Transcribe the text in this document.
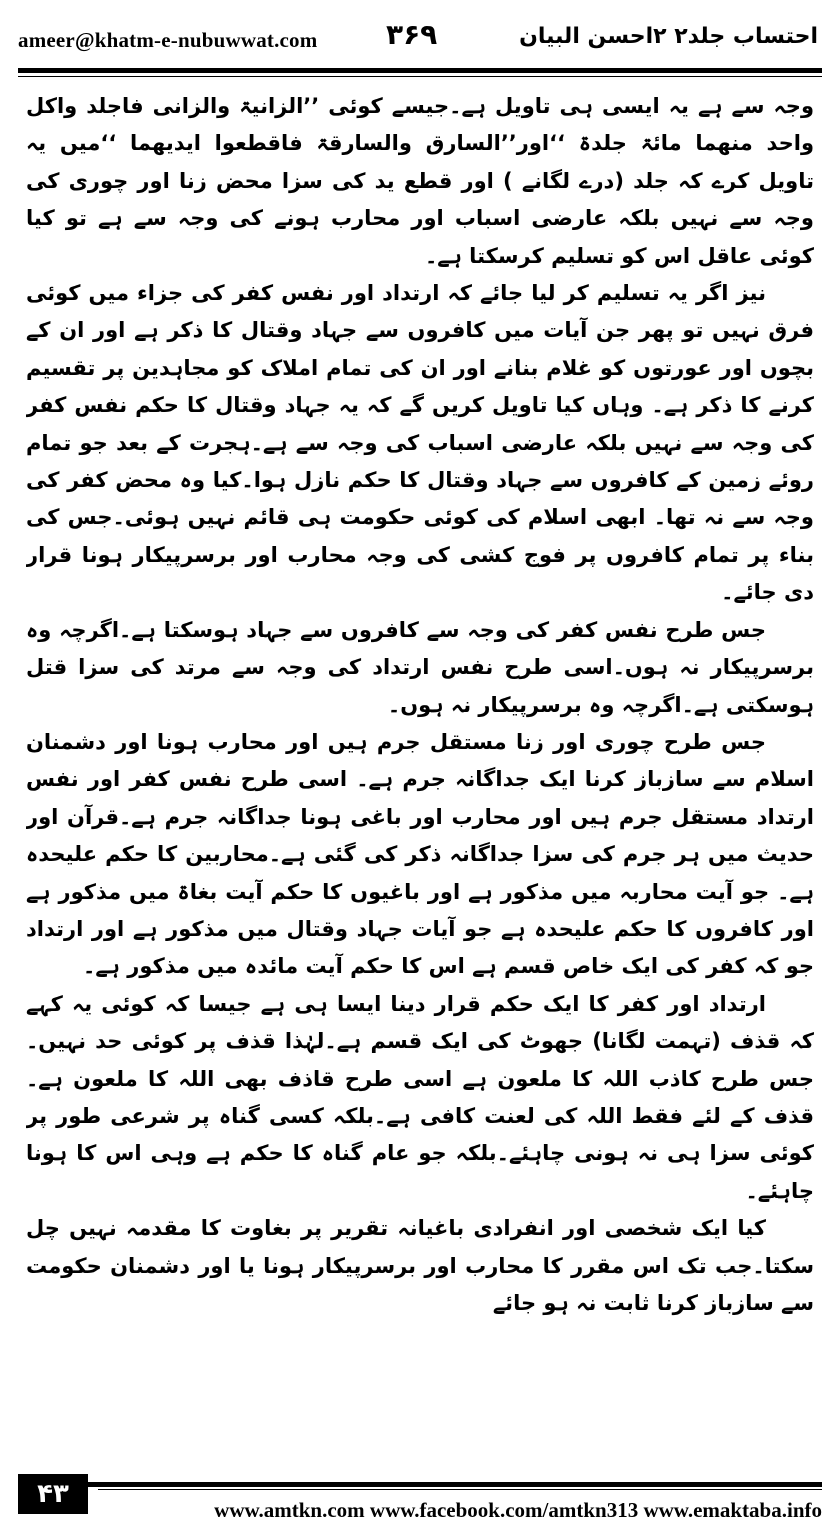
ameer@khatm-e-nubuwwat.com ۳۶۹	احتساب جلد۲ ۲احسن البیان

وجہ سے ہے یہ ایسی ہی تاویل ہے۔جیسے کوئی ’’الزانیۃ والزانی فاجلد واکل واحد منھما مائۃ جلدۃ ‘‘اور’’السارق والسارقۃ فاقطعوا ایدیھما ‘‘میں یہ تاویل کرے کہ جلد (درے لگانے ) اور قطع ید کی سزا محض زنا اور چوری کی وجہ سے نہیں بلکہ عارضی اسباب اور محارب ہونے کی وجہ سے ہے تو کیا کوئی عاقل اس کو تسلیم کرسکتا ہے۔

نیز اگر یہ تسلیم کر لیا جائے کہ ارتداد اور نفس کفر کی جزاء میں کوئی فرق نہیں تو پھر جن آیات میں کافروں سے جہاد وقتال کا ذکر ہے اور ان کے بچوں اور عورتوں کو غلام بنانے اور ان کی تمام املاک کو مجاہدین پر تقسیم کرنے کا ذکر ہے۔ وہاں کیا تاویل کریں گے کہ یہ جہاد وقتال کا حکم نفس کفر کی وجہ سے نہیں بلکہ عارضی اسباب کی وجہ سے ہے۔ہجرت کے بعد جو تمام روئے زمین کے کافروں سے جہاد وقتال کا حکم نازل ہوا۔کیا وہ محض کفر کی وجہ سے نہ تھا۔ ابھی اسلام کی کوئی حکومت ہی قائم نہیں ہوئی۔جس کی بناء پر تمام کافروں پر فوج کشی کی وجہ محارب اور برسرپیکار ہونا قرار دی جائے۔

جس طرح نفس کفر کی وجہ سے کافروں سے جہاد ہوسکتا ہے۔اگرچہ وہ برسرپیکار نہ ہوں۔اسی طرح نفس ارتداد کی وجہ سے مرتد کی سزا قتل ہوسکتی ہے۔اگرچہ وہ برسرپیکار نہ ہوں۔

جس طرح چوری اور زنا مستقل جرم ہیں اور محارب ہونا اور دشمنان اسلام سے سازباز کرنا ایک جداگانہ جرم ہے۔ اسی طرح نفس کفر اور نفس ارتداد مستقل جرم ہیں اور محارب اور باغی ہونا جداگانہ جرم ہے۔قرآن اور حدیث میں ہر جرم کی سزا جداگانہ ذکر کی گئی ہے۔محاربین کا حکم علیحدہ ہے۔ جو آیت محاربہ میں مذکور ہے اور باغیوں کا حکم آیت بغاۃ میں مذکور ہے اور کافروں کا حکم علیحدہ ہے جو آیات جہاد وقتال میں مذکور ہے اور ارتداد جو کہ کفر کی ایک خاص قسم ہے اس کا حکم آیت مائدہ میں مذکور ہے۔

ارتداد اور کفر کا ایک حکم قرار دینا ایسا ہی ہے جیسا کہ کوئی یہ کہے کہ قذف (تہمت لگانا) جھوٹ کی ایک قسم ہے۔لہٰذا قذف پر کوئی حد نہیں۔جس طرح کاذب اللہ کا ملعون ہے اسی طرح قاذف بھی اللہ کا ملعون ہے۔قذف کے لئے فقط اللہ کی لعنت کافی ہے۔بلکہ کسی گناہ پر شرعی طور پر کوئی سزا ہی نہ ہونی چاہئے۔بلکہ جو عام گناہ کا حکم ہے وہی اس کا ہونا چاہئے۔

کیا ایک شخصی اور انفرادی باغیانہ تقریر پر بغاوت کا مقدمہ نہیں چل سکتا۔جب تک اس مقرر کا محارب اور برسرپیکار ہونا یا اور دشمنان حکومت سے سازباز کرنا ثابت نہ ہو جائے

۴۳
www.amtkn.com www.facebook.com/amtkn313 www.emaktaba.info
